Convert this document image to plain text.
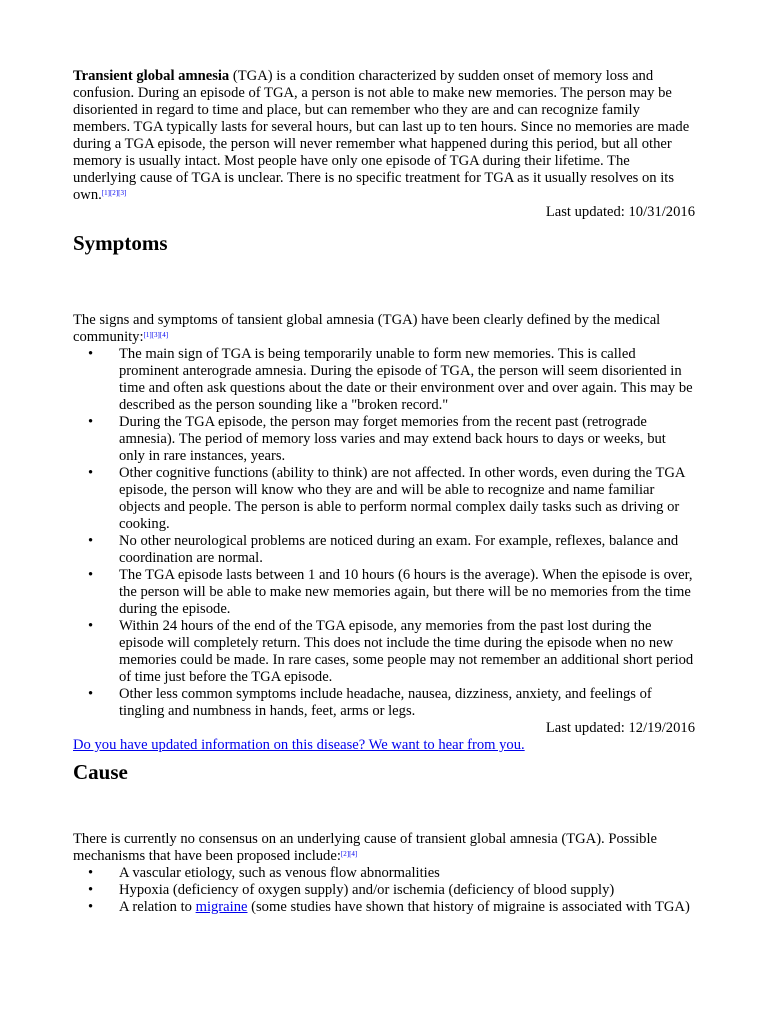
Transient global amnesia (TGA) is a condition characterized by sudden onset of memory loss and confusion. During an episode of TGA, a person is not able to make new memories. The person may be disoriented in regard to time and place, but can remember who they are and can recognize family members. TGA typically lasts for several hours, but can last up to ten hours. Since no memories are made during a TGA episode, the person will never remember what happened during this period, but all other memory is usually intact. Most people have only one episode of TGA during their lifetime. The underlying cause of TGA is unclear. There is no specific treatment for TGA as it usually resolves on its own.[1][2][3]

Last updated: 10/31/2016

Symptoms

The signs and symptoms of tansient global amnesia (TGA) have been clearly defined by the medical community:[1][3][4]

• The main sign of TGA is being temporarily unable to form new memories. This is called prominent anterograde amnesia. During the episode of TGA, the person will seem disoriented in time and often ask questions about the date or their environment over and over again. This may be described as the person sounding like a "broken record."
• During the TGA episode, the person may forget memories from the recent past (retrograde amnesia). The period of memory loss varies and may extend back hours to days or weeks, but only in rare instances, years.
• Other cognitive functions (ability to think) are not affected. In other words, even during the TGA episode, the person will know who they are and will be able to recognize and name familiar objects and people. The person is able to perform normal complex daily tasks such as driving or cooking.
• No other neurological problems are noticed during an exam. For example, reflexes, balance and coordination are normal.
• The TGA episode lasts between 1 and 10 hours (6 hours is the average). When the episode is over, the person will be able to make new memories again, but there will be no memories from the time during the episode.
• Within 24 hours of the end of the TGA episode, any memories from the past lost during the episode will completely return. This does not include the time during the episode when no new memories could be made. In rare cases, some people may not remember an additional short period of time just before the TGA episode.
• Other less common symptoms include headache, nausea, dizziness, anxiety, and feelings of tingling and numbness in hands, feet, arms or legs.

Last updated: 12/19/2016

Do you have updated information on this disease? We want to hear from you.

Cause

There is currently no consensus on an underlying cause of transient global amnesia (TGA). Possible mechanisms that have been proposed include:[2][4]

• A vascular etiology, such as venous flow abnormalities
• Hypoxia (deficiency of oxygen supply) and/or ischemia (deficiency of blood supply)
• A relation to migraine (some studies have shown that history of migraine is associated with TGA)
